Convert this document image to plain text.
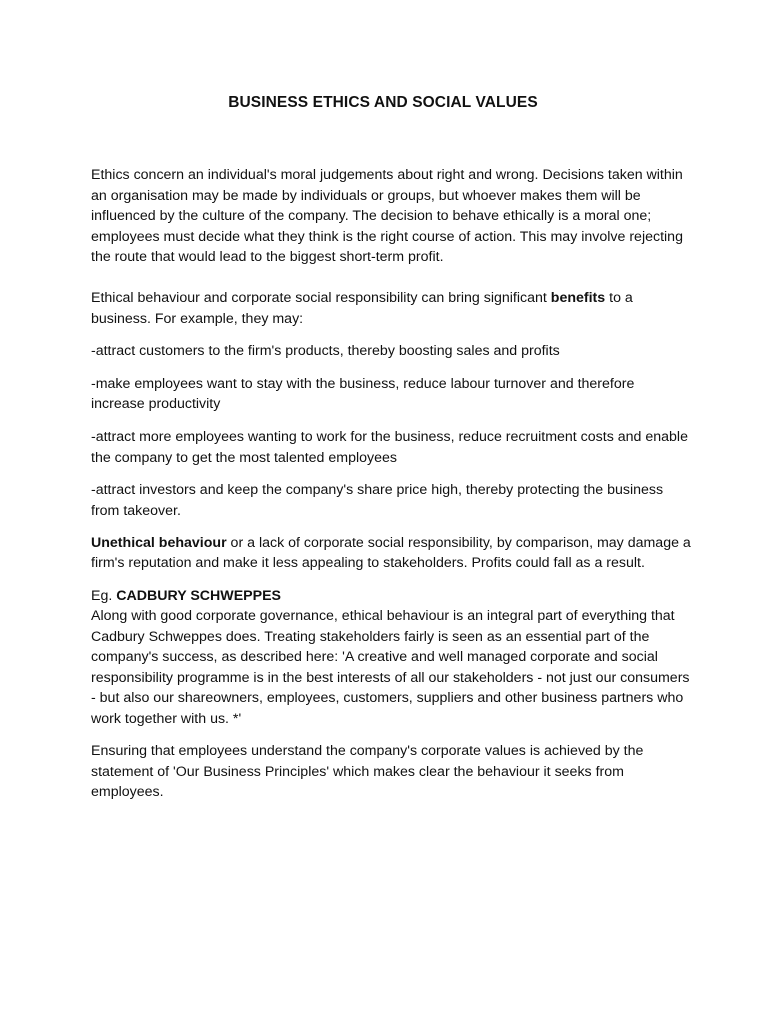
BUSINESS ETHICS AND SOCIAL VALUES

Ethics concern an individual's moral judgements about right and wrong. Decisions taken within an organisation may be made by individuals or groups, but whoever makes them will be influenced by the culture of the company. The decision to behave ethically is a moral one; employees must decide what they think is the right course of action. This may involve rejecting the route that would lead to the biggest short-term profit.

Ethical behaviour and corporate social responsibility can bring significant benefits to a business. For example, they may:

-attract customers to the firm's products, thereby boosting sales and profits

-make employees want to stay with the business, reduce labour turnover and therefore increase productivity

-attract more employees wanting to work for the business, reduce recruitment costs and enable the company to get the most talented employees

-attract investors and keep the company's share price high, thereby protecting the business from takeover.

Unethical behaviour or a lack of corporate social responsibility, by comparison, may damage a firm's reputation and make it less appealing to stakeholders. Profits could fall as a result.

Eg. CADBURY SCHWEPPES

Along with good corporate governance, ethical behaviour is an integral part of everything that Cadbury Schweppes does. Treating stakeholders fairly is seen as an essential part of the company's success, as described here: 'A creative and well managed corporate and social responsibility programme is in the best interests of all our stakeholders - not just our consumers - but also our shareowners, employees, customers, suppliers and other business partners who work together with us. *'

Ensuring that employees understand the company's corporate values is achieved by the statement of 'Our Business Principles' which makes clear the behaviour it seeks from employees.
